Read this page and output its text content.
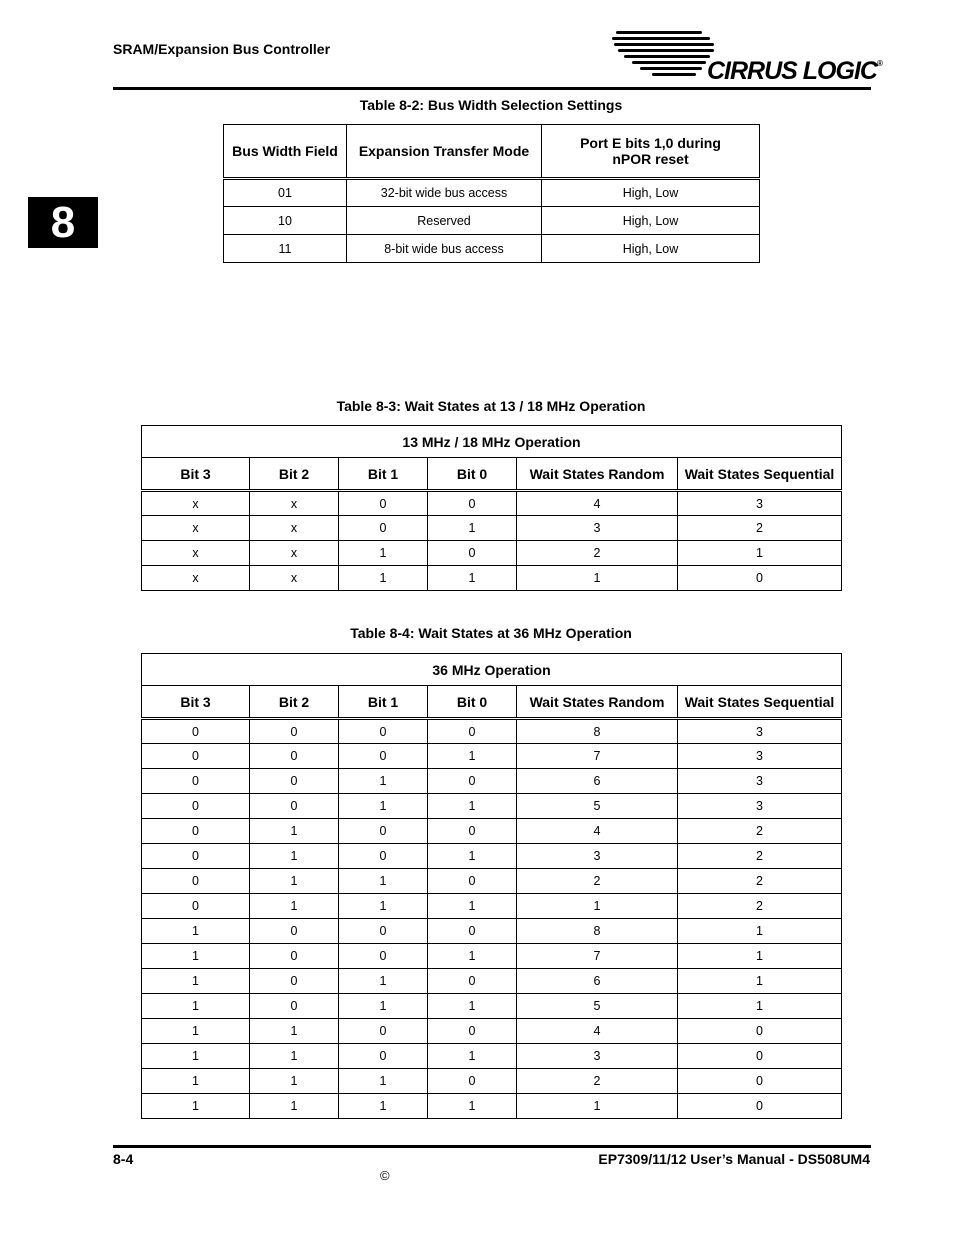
SRAM/Expansion Bus Controller
CIRRUS LOGIC®
8
Table 8-2: Bus Width Selection Settings
Bus Width Field	Expansion Transfer Mode	Port E bits 1,0 during nPOR reset
01	32-bit wide bus access	High, Low
10	Reserved	High, Low
11	8-bit wide bus access	High, Low
Table 8-3: Wait States at 13 / 18 MHz Operation
13 MHz / 18 MHz Operation					
Bit 3	Bit 2	Bit 1	Bit 0	Wait States Random	Wait States Sequential
x	x	0	0	4	3
x	x	0	1	3	2
x	x	1	0	2	1
x	x	1	1	1	0
Table 8-4: Wait States at 36 MHz Operation
36 MHz Operation					
Bit 3	Bit 2	Bit 1	Bit 0	Wait States Random	Wait States Sequential
0	0	0	0	8	3
0	0	0	1	7	3
0	0	1	0	6	3
0	0	1	1	5	3
0	1	0	0	4	2
0	1	0	1	3	2
0	1	1	0	2	2
0	1	1	1	1	2
1	0	0	0	8	1
1	0	0	1	7	1
1	0	1	0	6	1
1	0	1	1	5	1
1	1	0	0	4	0
1	1	0	1	3	0
1	1	1	0	2	0
1	1	1	1	1	0
8-4	EP7309/11/12 User’s Manual - DS508UM4
©
